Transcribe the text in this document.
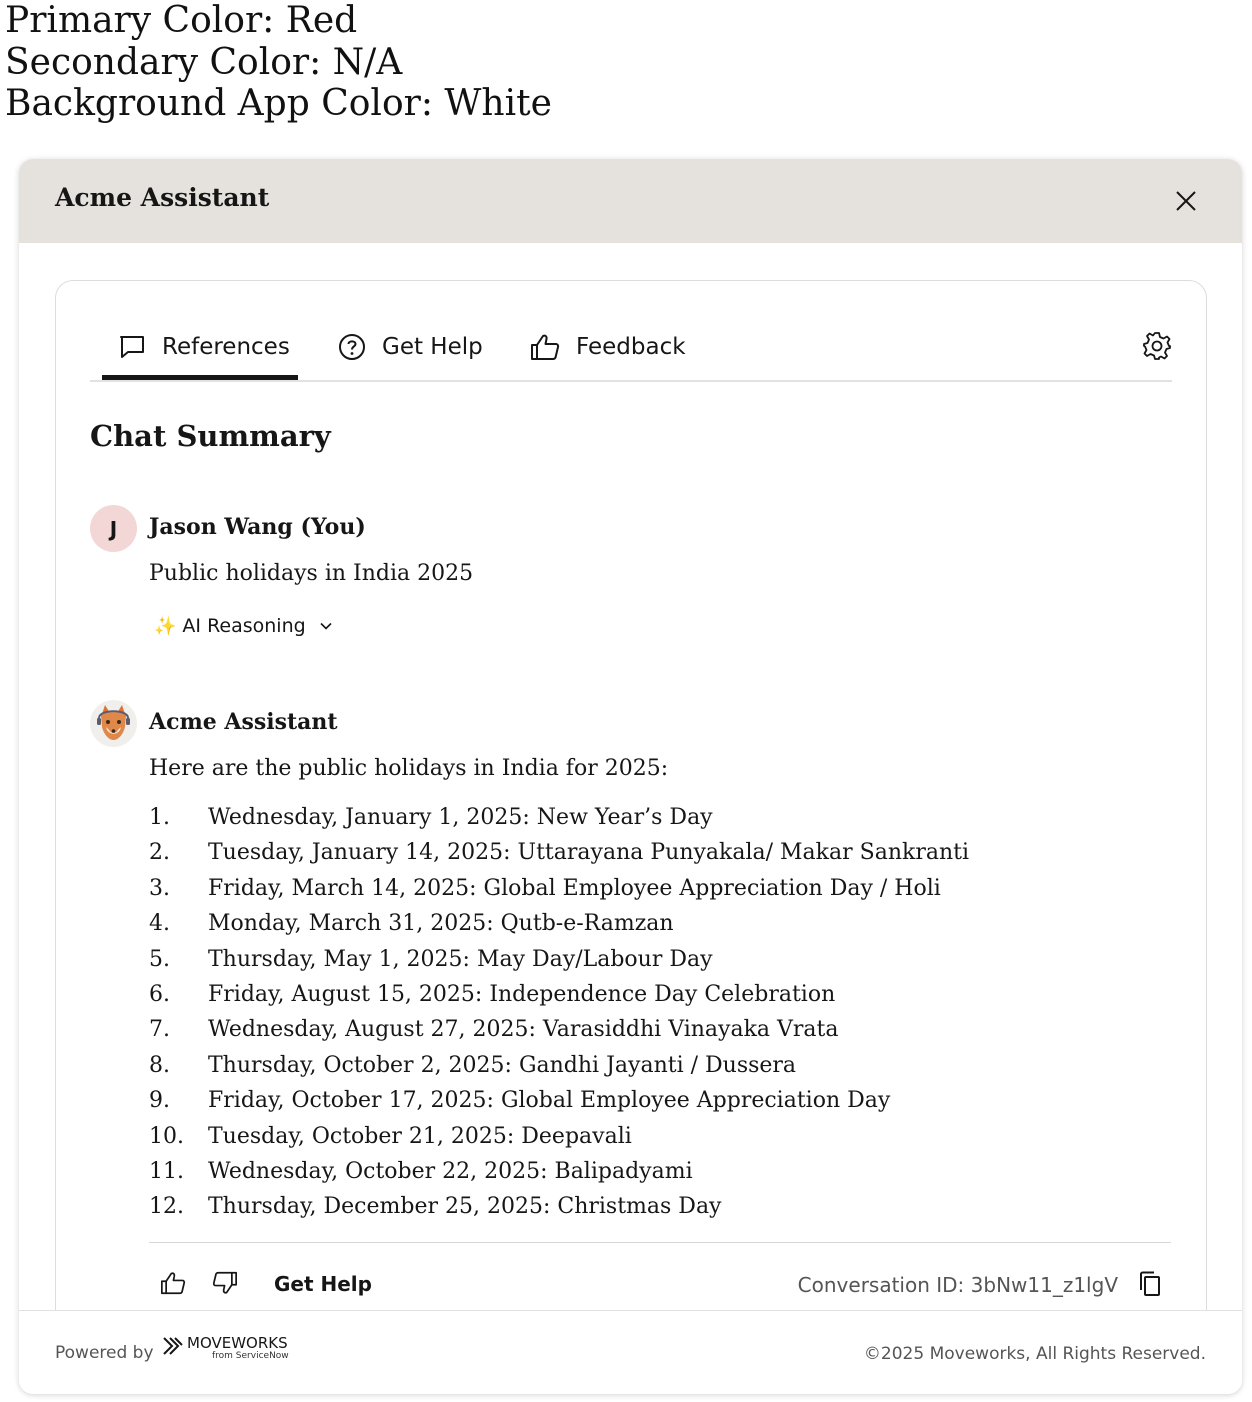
Primary Color: Red
Secondary Color: N/A
Background App Color: White
Acme Assistant
References	Get Help	Feedback
Chat Summary
J	Jason Wang (You)
Public holidays in India 2025
✨ AI Reasoning
Acme Assistant
Here are the public holidays in India for 2025:
1.	Wednesday, January 1, 2025: New Year’s Day
2.	Tuesday, January 14, 2025: Uttarayana Punyakala/ Makar Sankranti
3.	Friday, March 14, 2025: Global Employee Appreciation Day / Holi
4.	Monday, March 31, 2025: Qutb-e-Ramzan
5.	Thursday, May 1, 2025: May Day/Labour Day
6.	Friday, August 15, 2025: Independence Day Celebration
7.	Wednesday, August 27, 2025: Varasiddhi Vinayaka Vrata
8.	Thursday, October 2, 2025: Gandhi Jayanti / Dussera
9.	Friday, October 17, 2025: Global Employee Appreciation Day
10.	Tuesday, October 21, 2025: Deepavali
11.	Wednesday, October 22, 2025: Balipadyami
12.	Thursday, December 25, 2025: Christmas Day
Get Help	Conversation ID: 3bNw11_z1lgV
Powered by MOVEWORKS
from ServiceNow	©2025 Moveworks, All Rights Reserved.
